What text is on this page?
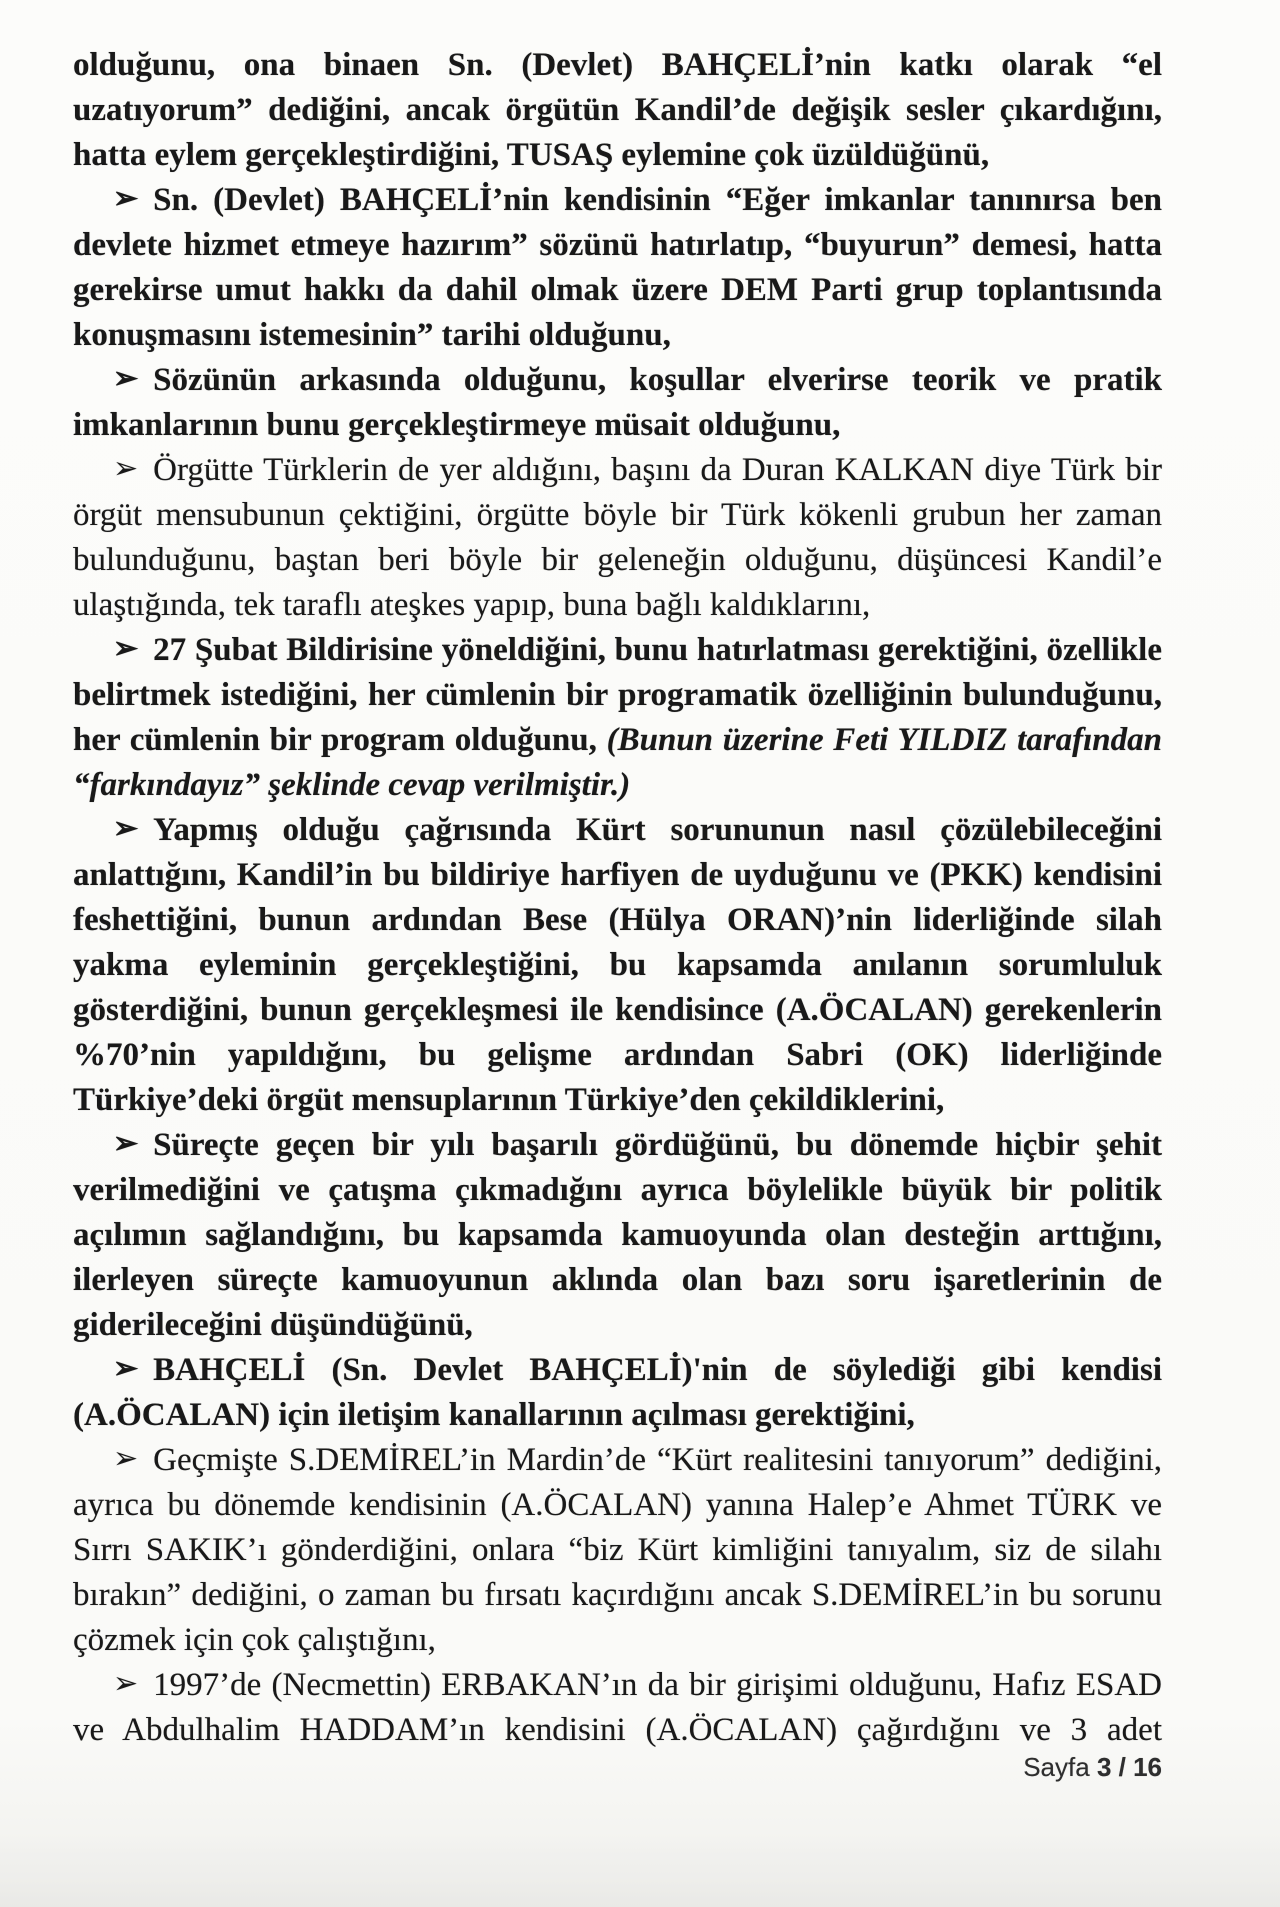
olduğunu, ona binaen Sn. (Devlet) BAHÇELİ’nin katkı olarak “el uzatıyorum” dediğini, ancak örgütün Kandil’de değişik sesler çıkardığını, hatta eylem gerçekleştirdiğini, TUSAŞ eylemine çok üzüldüğünü,

➢ Sn. (Devlet) BAHÇELİ’nin kendisinin “Eğer imkanlar tanınırsa ben devlete hizmet etmeye hazırım” sözünü hatırlatıp, “buyurun” demesi, hatta gerekirse umut hakkı da dahil olmak üzere DEM Parti grup toplantısında konuşmasını istemesinin” tarihi olduğunu,

➢ Sözünün arkasında olduğunu, koşullar elverirse teorik ve pratik imkanlarının bunu gerçekleştirmeye müsait olduğunu,

➢ Örgütte Türklerin de yer aldığını, başını da Duran KALKAN diye Türk bir örgüt mensubunun çektiğini, örgütte böyle bir Türk kökenli grubun her zaman bulunduğunu, baştan beri böyle bir geleneğin olduğunu, düşüncesi Kandil’e ulaştığında, tek taraflı ateşkes yapıp, buna bağlı kaldıklarını,

➢ 27 Şubat Bildirisine yöneldiğini, bunu hatırlatması gerektiğini, özellikle belirtmek istediğini, her cümlenin bir programatik özelliğinin bulunduğunu, her cümlenin bir program olduğunu, (Bunun üzerine Feti YILDIZ tarafından “farkındayız” şeklinde cevap verilmiştir.)

➢ Yapmış olduğu çağrısında Kürt sorununun nasıl çözülebileceğini anlattığını, Kandil’in bu bildiriye harfiyen de uyduğunu ve (PKK) kendisini feshettiğini, bunun ardından Bese (Hülya ORAN)’nin liderliğinde silah yakma eyleminin gerçekleştiğini, bu kapsamda anılanın sorumluluk gösterdiğini, bunun gerçekleşmesi ile kendisince (A.ÖCALAN) gerekenlerin %70’nin yapıldığını, bu gelişme ardından Sabri (OK) liderliğinde Türkiye’deki örgüt mensuplarının Türkiye’den çekildiklerini,

➢ Süreçte geçen bir yılı başarılı gördüğünü, bu dönemde hiçbir şehit verilmediğini ve çatışma çıkmadığını ayrıca böylelikle büyük bir politik açılımın sağlandığını, bu kapsamda kamuoyunda olan desteğin arttığını, ilerleyen süreçte kamuoyunun aklında olan bazı soru işaretlerinin de giderileceğini düşündüğünü,

➢ BAHÇELİ (Sn. Devlet BAHÇELİ)'nin de söylediği gibi kendisi (A.ÖCALAN) için iletişim kanallarının açılması gerektiğini,

➢ Geçmişte S.DEMİREL’in Mardin’de “Kürt realitesini tanıyorum” dediğini, ayrıca bu dönemde kendisinin (A.ÖCALAN) yanına Halep’e Ahmet TÜRK ve Sırrı SAKIK’ı gönderdiğini, onlara “biz Kürt kimliğini tanıyalım, siz de silahı bırakın” dediğini, o zaman bu fırsatı kaçırdığını ancak S.DEMİREL’in bu sorunu çözmek için çok çalıştığını,

➢ 1997’de (Necmettin) ERBAKAN’ın da bir girişimi olduğunu, Hafız ESAD ve Abdulhalim HADDAM’ın kendisini (A.ÖCALAN) çağırdığını ve 3 adet

Sayfa 3 / 16
